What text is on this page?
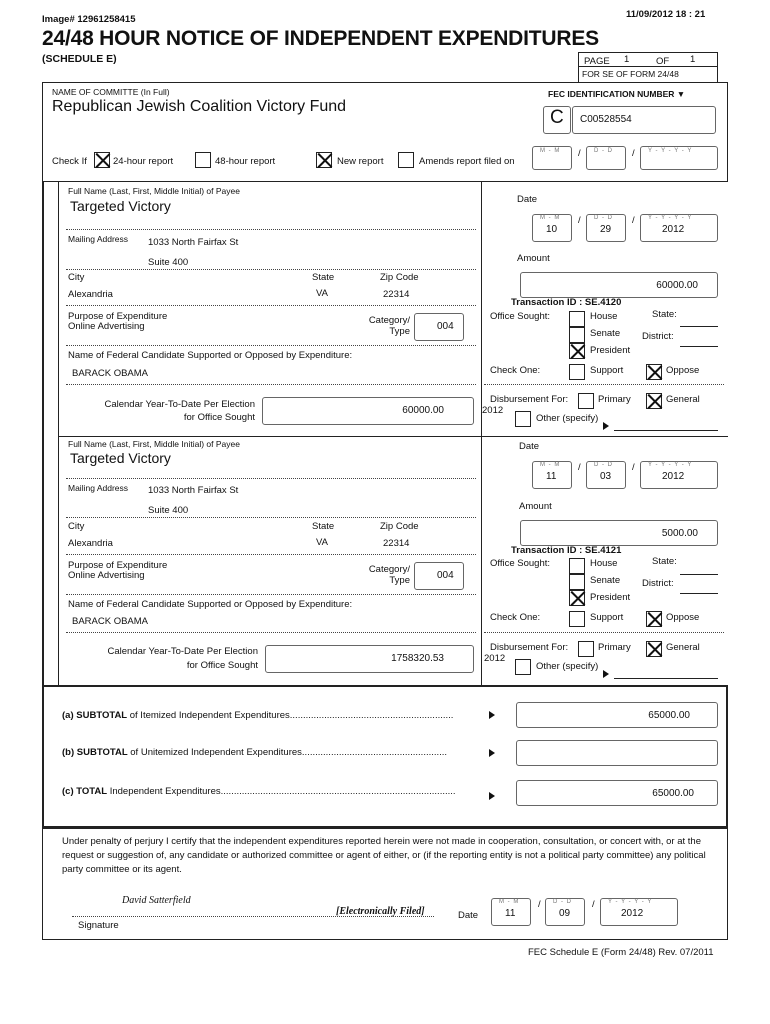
Image# 12961258415	11/09/2012 18 : 21
24/48 HOUR NOTICE OF INDEPENDENT EXPENDITURES
(SCHEDULE E)	PAGE 1	OF 1
FOR SE OF FORM 24/48
NAME OF COMMITTE (In Full)
Republican Jewish Coalition Victory Fund
FEC IDENTIFICATION NUMBER ▼
C C00528554
Check If	24-hour report	48-hour report	New report	Amends report filed on
M - M / D - D / Y - Y - Y - Y
Full Name (Last, First, Middle Initial) of Payee
Targeted Victory
Mailing Address 1033 North Fairfax St
Suite 400
City	State	Zip Code
Alexandria	VA	22314
Purpose of Expenditure
Online Advertising
Category/
Type	004
Name of Federal Candidate Supported or Opposed by Expenditure:
BARACK OBAMA
Calendar Year-To-Date Per Election
for Office Sought
60000.00
Date
M - M
10
/ D - D
29
/ Y - Y - Y - Y
2012
Amount
60000.00
Transaction ID : SE.4120
Office Sought:	House
Senate
President
State:
District:
Check One:	Support	Oppose
Disbursement For:
2012
Primary	General
Other (specify)
Full Name (Last, First, Middle Initial) of Payee
Targeted Victory
Mailing Address 1033 North Fairfax St
Suite 400
City	State	Zip Code
Alexandria	VA	22314
Purpose of Expenditure
Online Advertising
Category/
Type	004
Name of Federal Candidate Supported or Opposed by Expenditure:
BARACK OBAMA
Calendar Year-To-Date Per Election
for Office Sought
1758320.53
Date
M - M
11
/ D - D
03
/ Y - Y - Y - Y
2012
Amount
5000.00
Transaction ID : SE.4121
Office Sought:	House
Senate
President
State:
District:
Check One:	Support	Oppose
Disbursement For:
2012
Primary	General
Other (specify)
(a) SUBTOTAL of Itemized Independent Expenditures..............................................................	65000.00
(b) SUBTOTAL of Unitemized Independent Expenditures.......................................................
(c) TOTAL Independent Expenditures.........................................................................................	65000.00
Under penalty of perjury I certify that the independent expenditures reported herein were not made in cooperation, consultation, or concert with, or at the request or suggestion of, any candidate or authorized committee or agent of either, or (if the reporting entity is not a political party committee) any political party committee or its agent.
David Satterfield
[Electronically Filed]
Signature
Date
M - M
11
/ D - D
09
/ Y - Y - Y - Y
2012
FEC Schedule E (Form 24/48) Rev. 07/2011
